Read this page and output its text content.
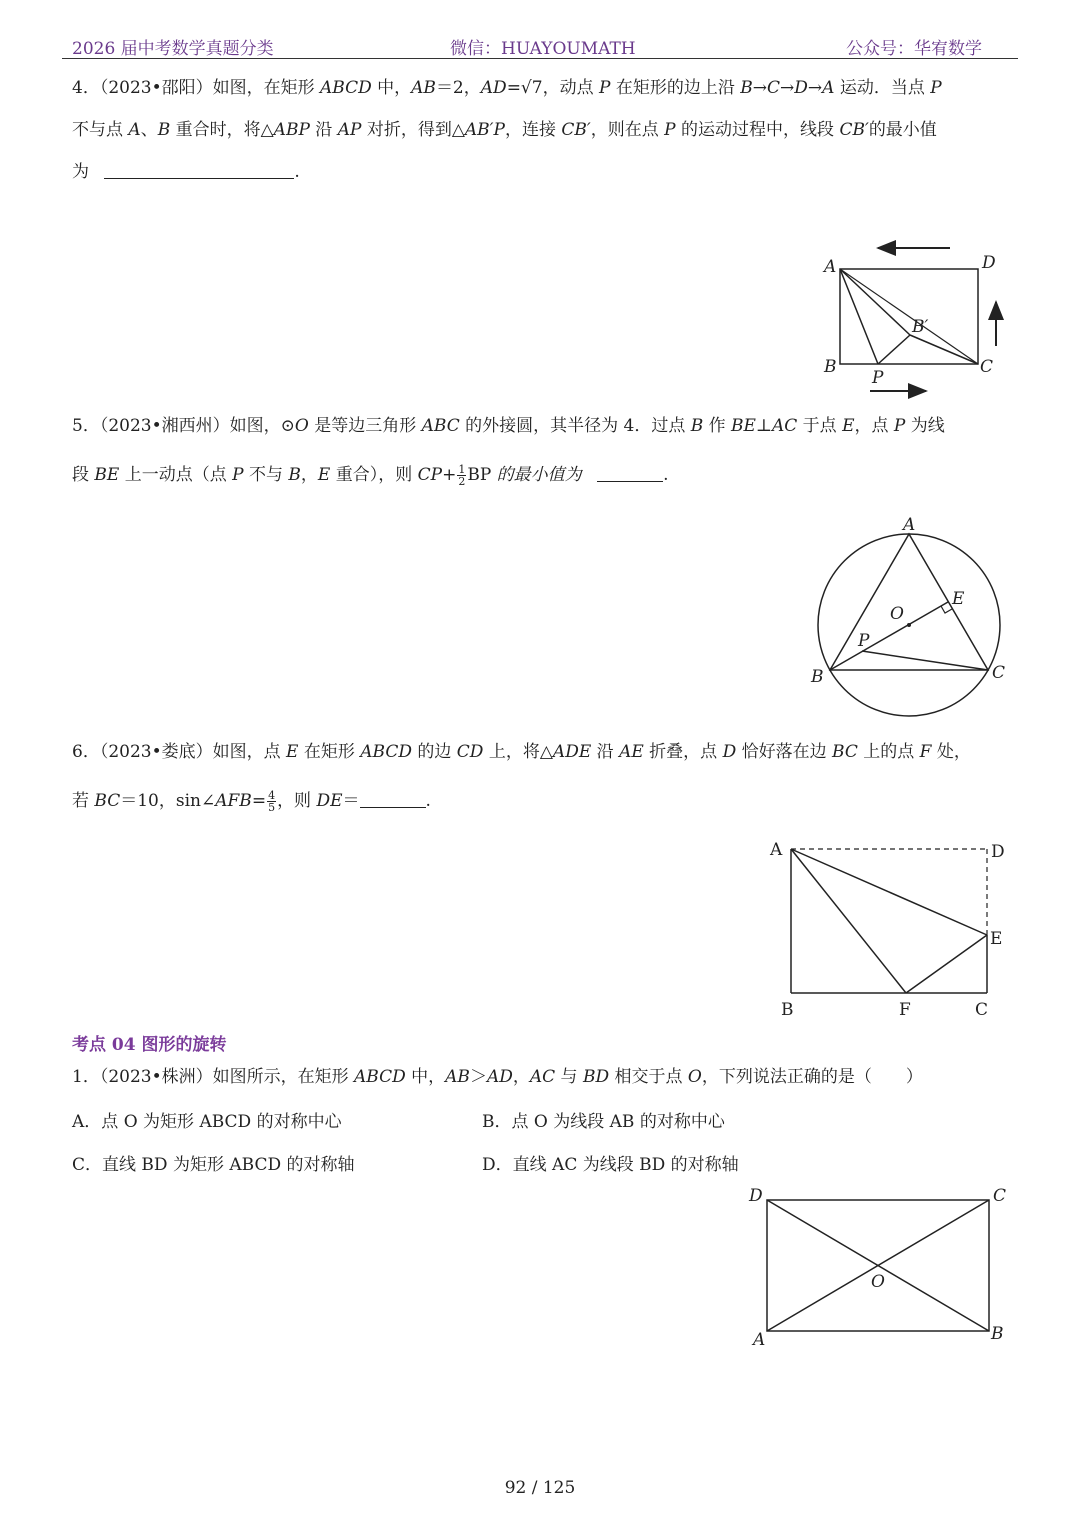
2026 届中考数学真题分类	微信：HUAYOUMATH	公众号：华宥数学
4．（2023•邵阳）如图，在矩形 ABCD 中，AB＝2，AD=√7，动点 P 在矩形的边上沿 B→C→D→A 运动．当点 P
不与点 A、B 重合时，将△ABP 沿 AP 对折，得到△AB′P，连接 CB′，则在点 P 的运动过程中，线段 CB′的最小值
为	.
A	D
B	C
B′
P
5．（2023•湘西州）如图，⊙O 是等边三角形 ABC 的外接圆，其半径为 4．过点 B 作 BE⊥AC 于点 E，点 P 为线
段 BE 上一动点（点 P 不与 B，E 重合），则 $CP+ \frac{1}{2}$ BP 的最小值为	.
A
B	C
E
O
P
6．（2023•娄底）如图，点 E 在矩形 ABCD 的边 CD 上，将△ADE 沿 AE 折叠，点 D 恰好落在边 BC 上的点 F 处，
若 BC＝10，sin∠AFB= $\frac{4}{5}$ ，则 DE＝	.
A	D
E
B	F	C
考点 04 图形的旋转
1．（2023•株洲）如图所示，在矩形 ABCD 中，AB＞AD，AC 与 BD 相交于点 O，下列说法正确的是（　　）
A．点 O 为矩形 ABCD 的对称中心	B．点 O 为线段 AB 的对称中心
C．直线 BD 为矩形 ABCD 的对称轴	D．直线 AC 为线段 BD 的对称轴
D	C
A	B
O
92 / 125
